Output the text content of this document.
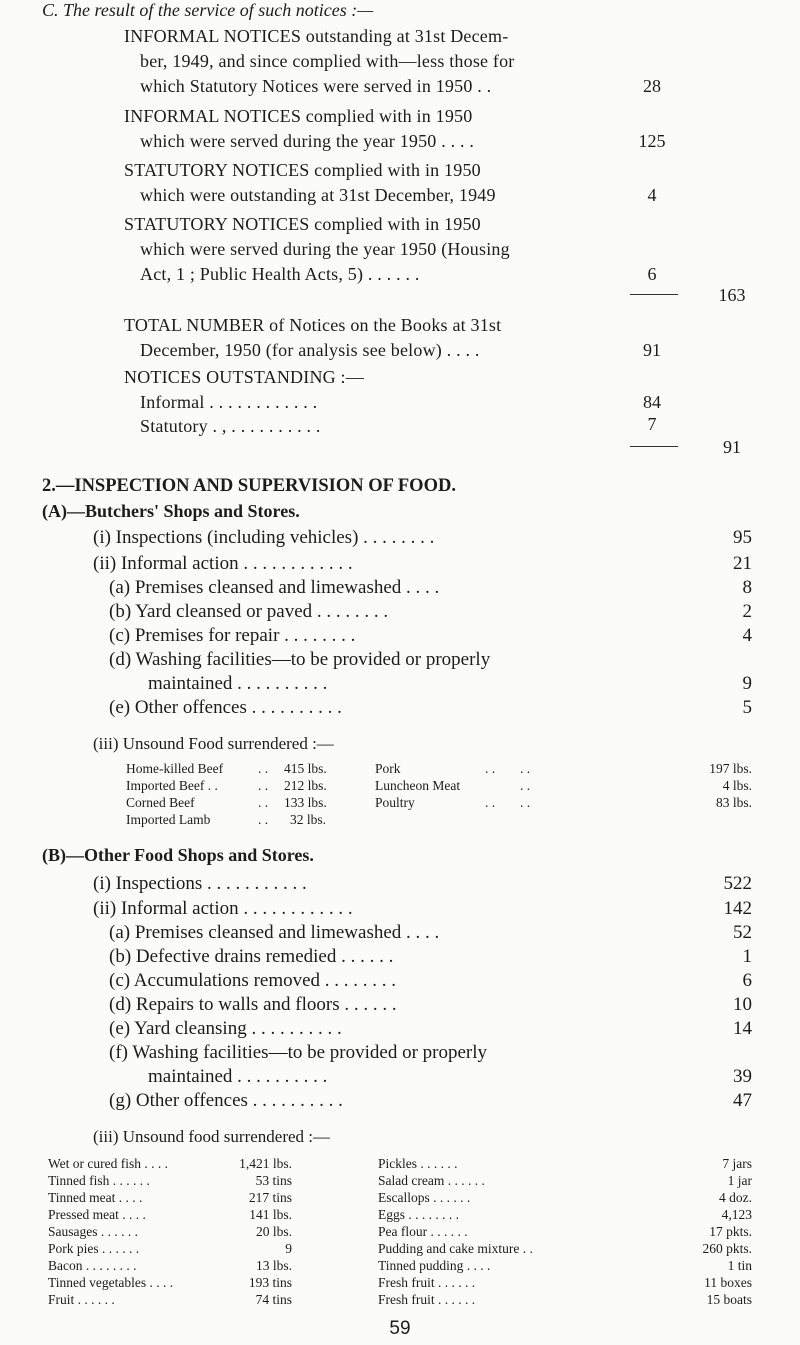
C. The result of the service of such notices :—
INFORMAL NOTICES outstanding at 31st Decem-
ber, 1949, and since complied with—less those for
which Statutory Notices were served in 1950 . .	28
INFORMAL NOTICES complied with in 1950
which were served during the year 1950 . . . .	125
STATUTORY NOTICES complied with in 1950
which were outstanding at 31st December, 1949	4
STATUTORY NOTICES complied with in 1950
which were served during the year 1950 (Housing
Act, 1 ; Public Health Acts, 5) . . . . . .	6
163
TOTAL NUMBER of Notices on the Books at 31st
December, 1950 (for analysis see below) . . . .	91
NOTICES OUTSTANDING :—
Informal . . . . . . . . . . . .	84
Statutory . , . . . . . . . . . .	7
91
2.—INSPECTION AND SUPERVISION OF FOOD.
(A)—Butchers' Shops and Stores.
(i) Inspections (including vehicles) . . . . . . . .	95
(ii) Informal action . . . . . . . . . . . .	21
(a) Premises cleansed and limewashed . . . .	8
(b) Yard cleansed or paved . . . . . . . .	2
(c) Premises for repair . . . . . . . .	4
(d) Washing facilities—to be provided or properly
maintained . . . . . . . . . .	9
(e) Other offences . . . . . . . . . .	5
(iii) Unsound Food surrendered :—
Home-killed Beef	. . 415 lbs.	Pork	. . . .	197 lbs.
Imported Beef . .	. . 212 lbs.	Luncheon Meat	. .	4 lbs.
Corned Beef	. . 133 lbs.	Poultry	. . . .	83 lbs.
Imported Lamb	. . 32 lbs.
(B)—Other Food Shops and Stores.
(i) Inspections . . . . . . . . . . .	522
(ii) Informal action . . . . . . . . . . . .	142
(a) Premises cleansed and limewashed . . . .	52
(b) Defective drains remedied . . . . . .	1
(c) Accumulations removed . . . . . . . .	6
(d) Repairs to walls and floors . . . . . .	10
(e) Yard cleansing . . . . . . . . . .	14
(f) Washing facilities—to be provided or properly
maintained . . . . . . . . . .	39
(g) Other offences . . . . . . . . . .	47
(iii) Unsound food surrendered :—
Wet or cured fish . . . .	1,421 lbs.	Pickles . . . . . .	7 jars
Tinned fish . . . . . .	53 tins	Salad cream . . . . . .	1 jar
Tinned meat . . . .	217 tins	Escallops . . . . . .	4 doz.
Pressed meat . . . .	141 lbs.	Eggs . . . . . . . .	4,123
Sausages . . . . . .	20 lbs.	Pea flour . . . . . .	17 pkts.
Pork pies . . . . . .	9	Pudding and cake mixture . .	260 pkts.
Bacon . . . . . . . .	13 lbs.	Tinned pudding . . . .	1 tin
Tinned vegetables . . . .	193 tins	Fresh fruit . . . . . .	11 boxes
Fruit . . . . . .	74 tins	Fresh fruit . . . . . .	15 boats
59
